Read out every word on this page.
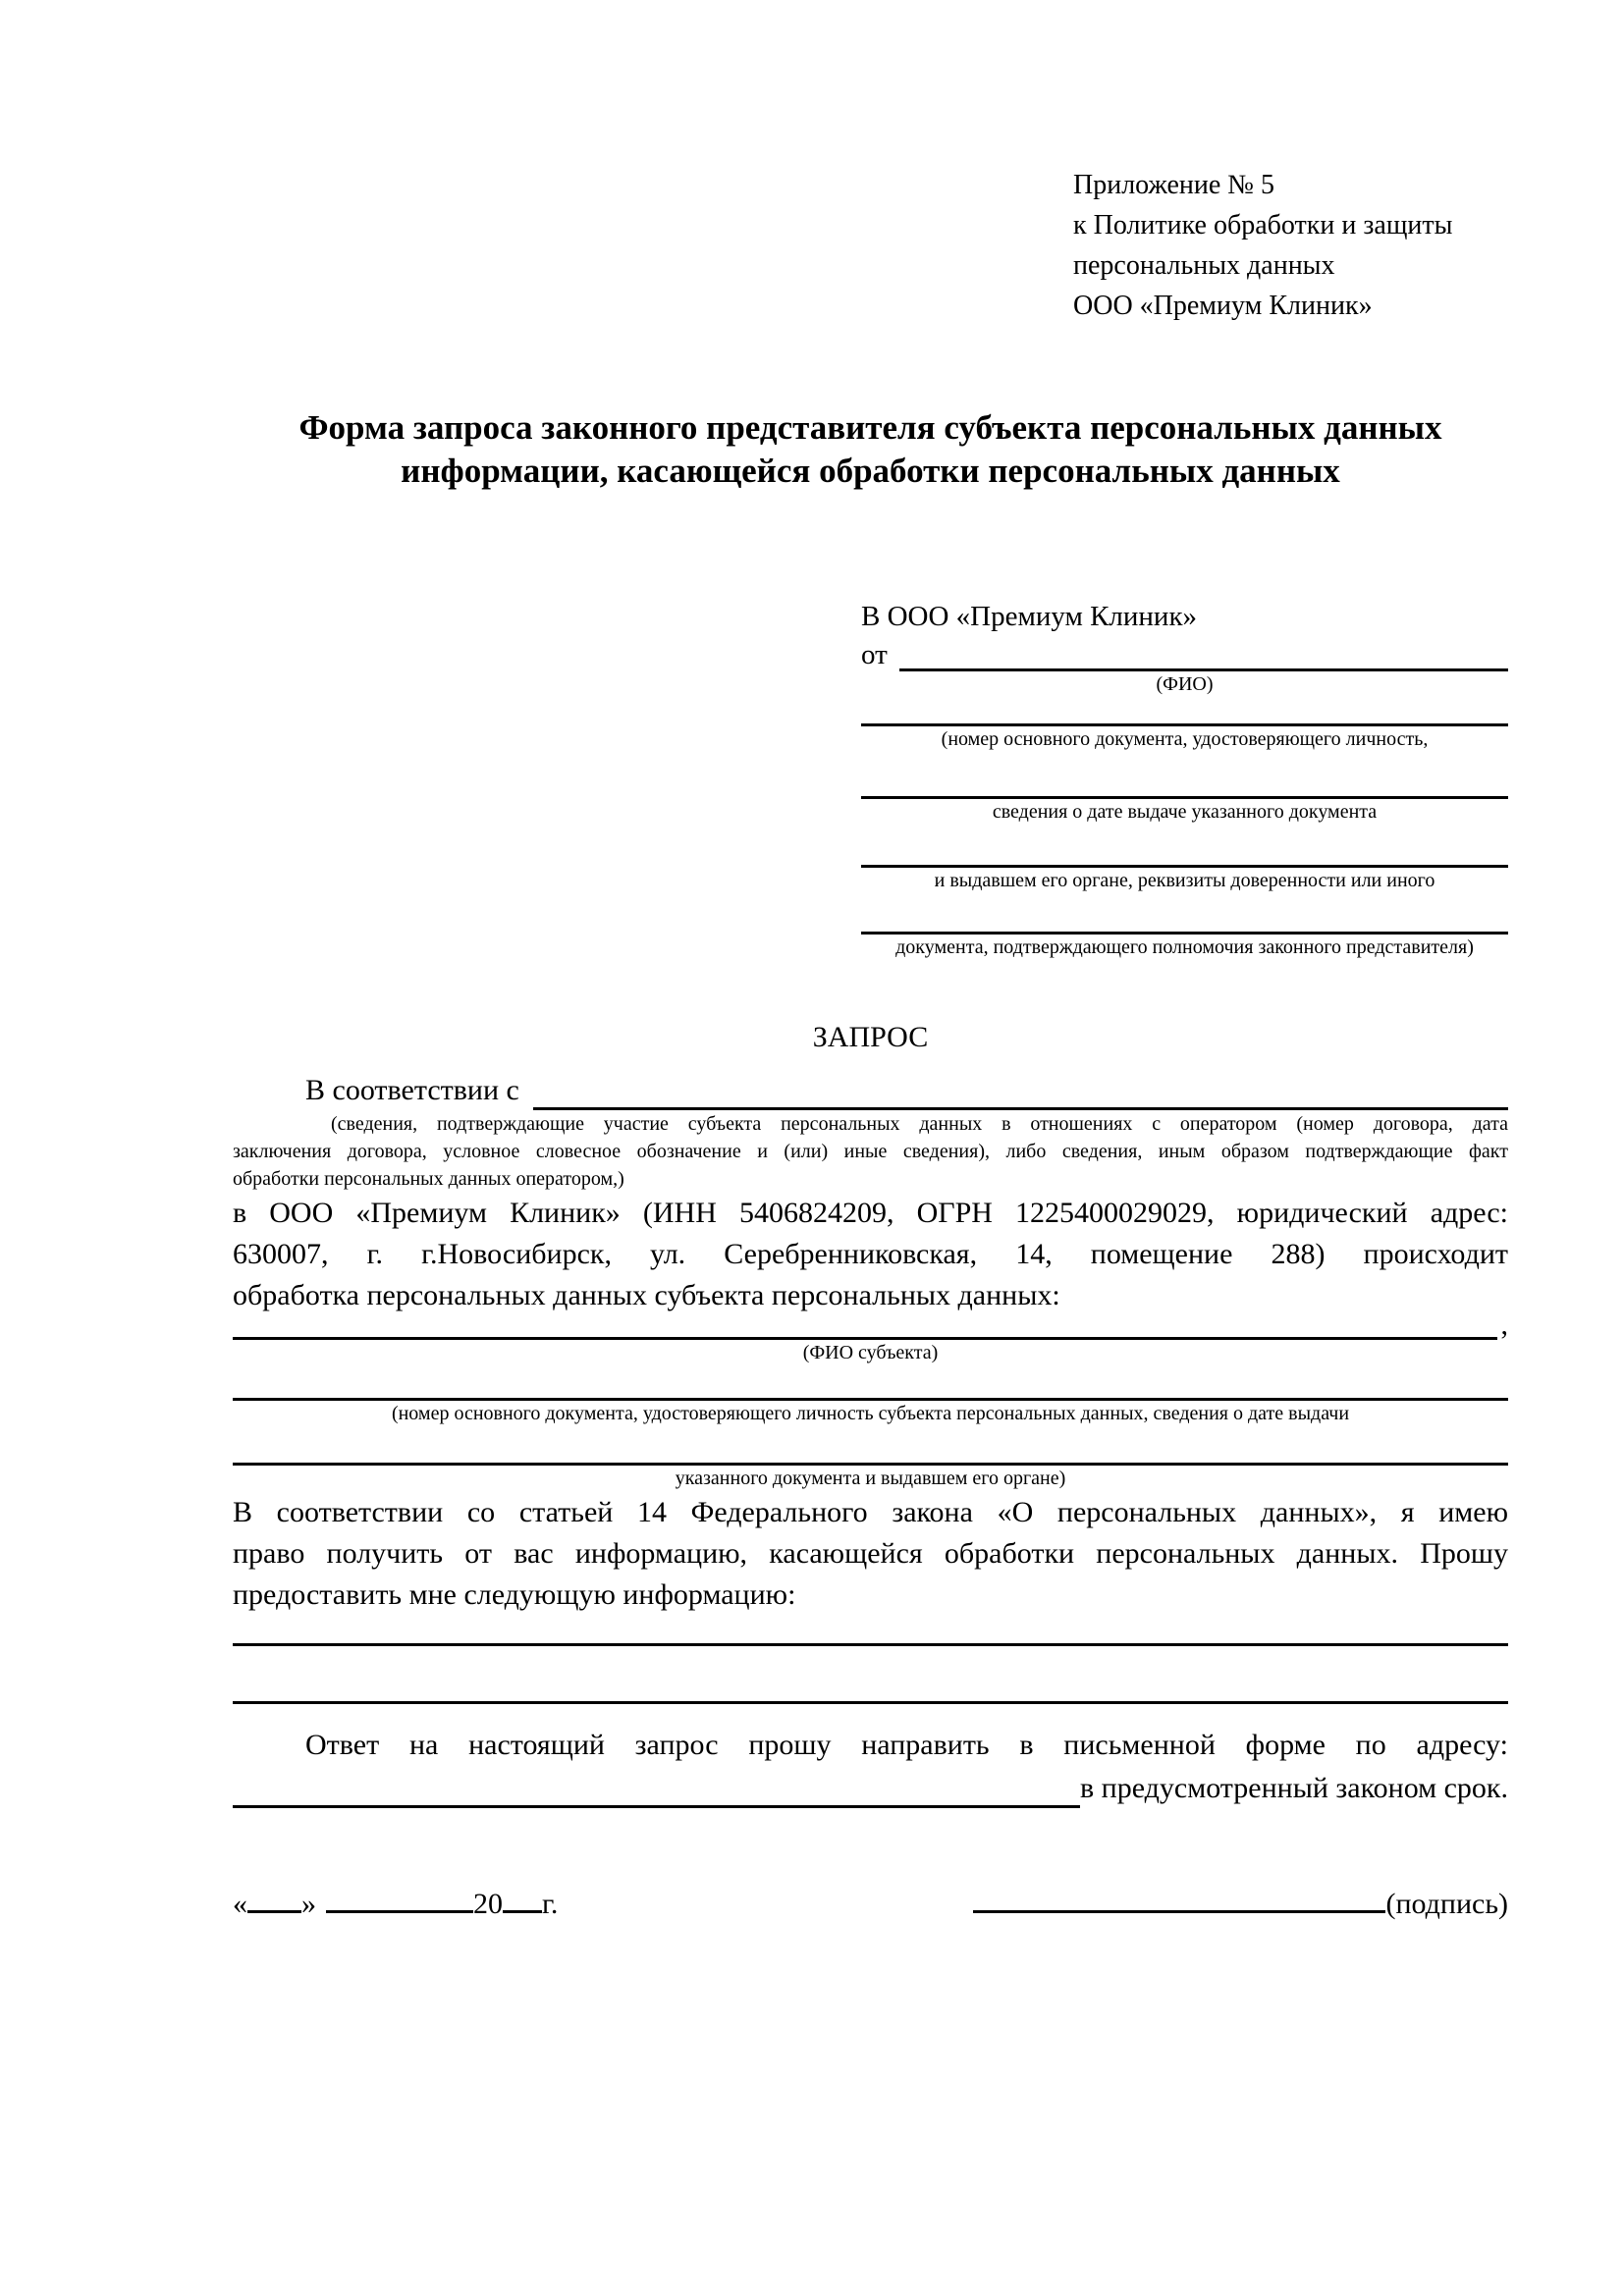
Приложение № 5
к Политике обработки и защиты
персональных данных
ООО «Премиум Клиник»
Форма запроса законного представителя субъекта персональных данных
информации, касающейся обработки персональных данных
В ООО «Премиум Клиник»
от
(ФИО)
(номер основного документа, удостоверяющего личность,
сведения о дате выдаче указанного документа
и выдавшем его органе, реквизиты доверенности или иного
документа, подтверждающего полномочия законного представителя)
ЗАПРОС
В соответствии с
(сведения, подтверждающие участие субъекта персональных данных в отношениях с оператором (номер договора, дата
заключения договора, условное словесное обозначение и (или) иные сведения), либо сведения, иным образом подтверждающие факт
обработки персональных данных оператором,)
в ООО «Премиум Клиник» (ИНН 5406824209, ОГРН 1225400029029, юридический адрес:
630007, г. г.Новосибирск, ул. Серебренниковская, 14, помещение 288) происходит
обработка персональных данных субъекта персональных данных:
,
(ФИО субъекта)
(номер основного документа, удостоверяющего личность субъекта персональных данных, сведения о дате выдачи
указанного документа и выдавшем его органе)
В соответствии со статьей 14 Федерального закона «О персональных данных», я имею
право получить от вас информацию, касающейся обработки персональных данных. Прошу
предоставить мне следующую информацию:
Ответ на настоящий запрос прошу направить в письменной форме по адресу:
в предусмотренный законом срок.
« »	20 г.	(подпись)
